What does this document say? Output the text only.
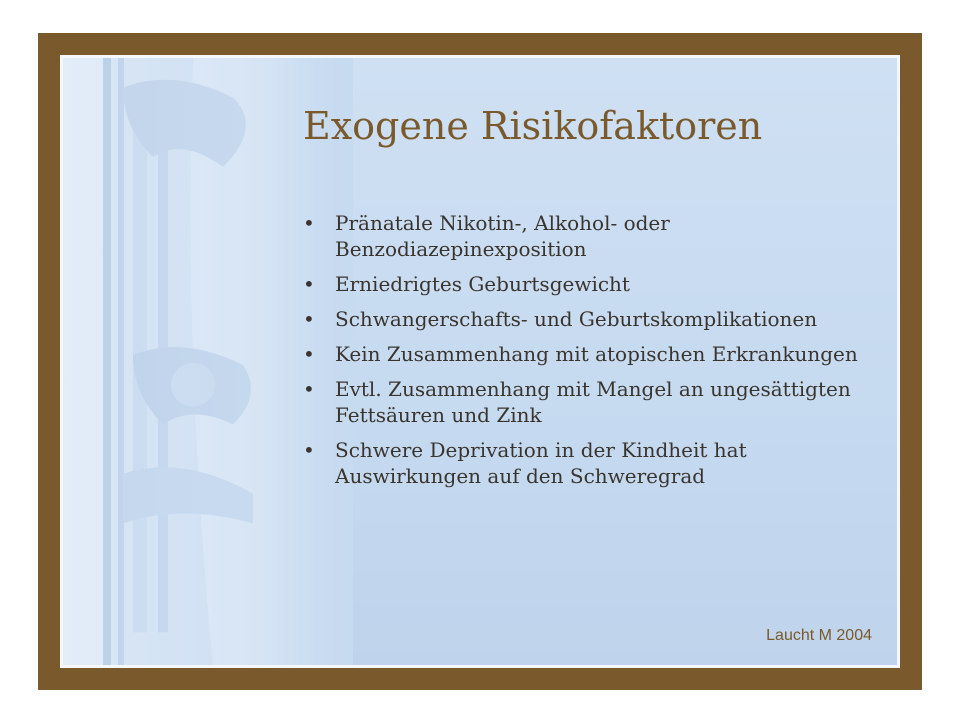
Exogene Risikofaktoren
• Pränatale Nikotin-, Alkohol- oder Benzodiazepinexposition
• Erniedrigtes Geburtsgewicht
• Schwangerschafts- und Geburtskomplikationen
• Kein Zusammenhang mit atopischen Erkrankungen
• Evtl. Zusammenhang mit Mangel an ungesättigten Fettsäuren und Zink
• Schwere Deprivation in der Kindheit hat Auswirkungen auf den Schweregrad
Laucht M 2004
